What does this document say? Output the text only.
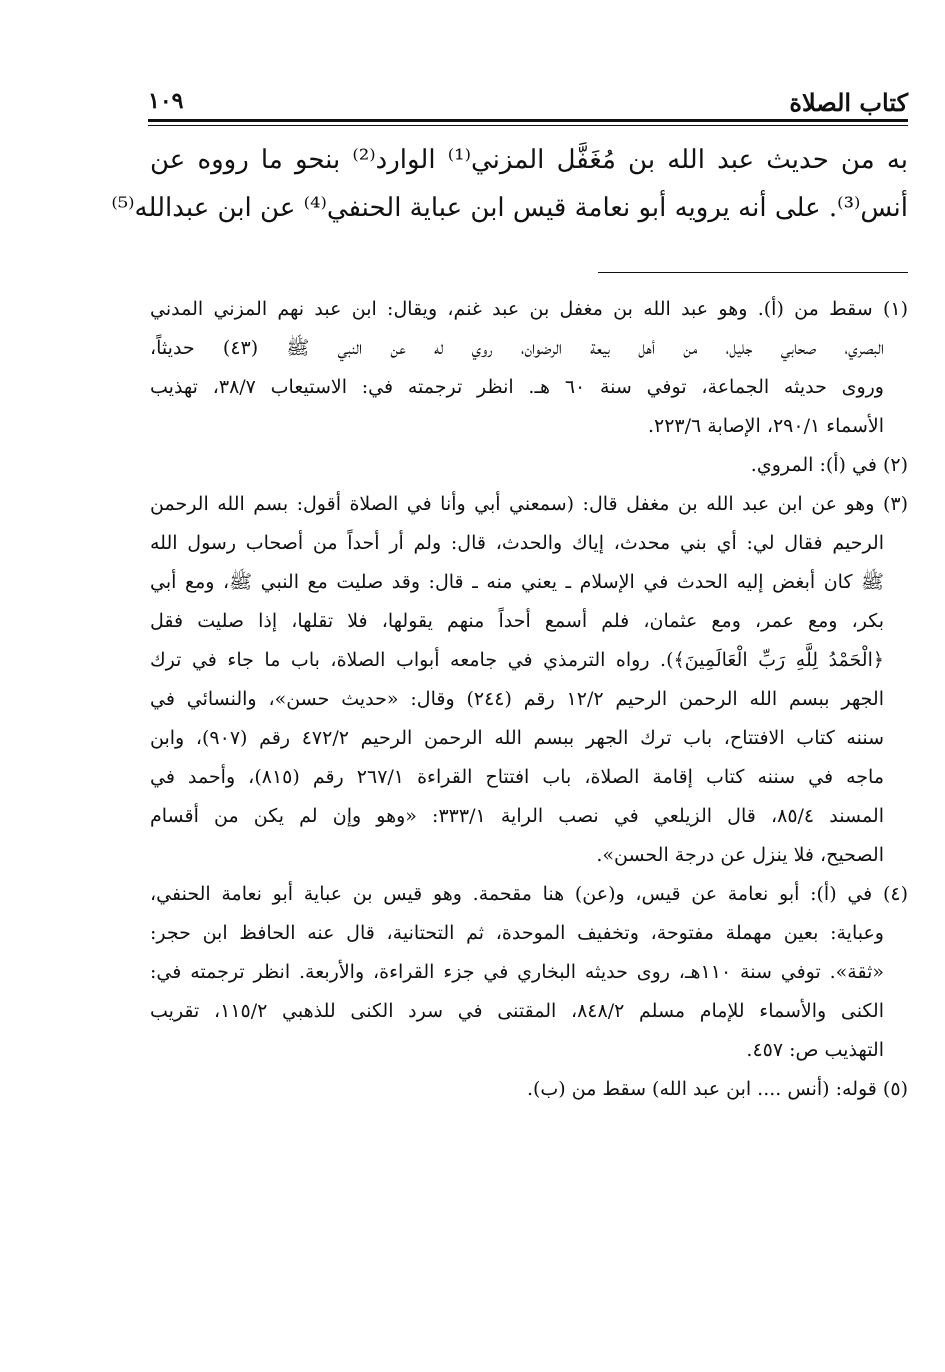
كتاب الصلاة
١٠٩
به من حديث عبد الله بن مُغَفَّل المزني⁽¹⁾ الوارد⁽²⁾ بنحو ما رووه عن
أنس⁽³⁾. على أنه يرويه أبو نعامة قيس ابن عباية الحنفي⁽⁴⁾ عن ابن عبدالله⁽⁵⁾
(١) سقط من (أ). وهو عبد الله بن مغفل بن عبد غنم، ويقال: ابن عبد نهم المزني المدني
البصري، صحابي جليل، من أهل بيعة الرضوان، روي له عن النبي ﷺ (٤٣) حديثاً،
وروى حديثه الجماعة، توفي سنة ٦٠ هـ. انظر ترجمته في: الاستيعاب ٣٨/٧، تهذيب
الأسماء ٢٩٠/١، الإصابة ٢٢٣/٦.
(٢) في (أ): المروي.
(٣) وهو عن ابن عبد الله بن مغفل قال: (سمعني أبي وأنا في الصلاة أقول: بسم الله الرحمن
الرحيم فقال لي: أي بني محدث، إياك والحدث، قال: ولم أر أحداً من أصحاب رسول الله
ﷺ كان أبغض إليه الحدث في الإسلام ـ يعني منه ـ قال: وقد صليت مع النبي ﷺ، ومع أبي
بكر، ومع عمر، ومع عثمان، فلم أسمع أحداً منهم يقولها، فلا تقلها، إذا صليت فقل
﴿الْحَمْدُ لِلَّهِ رَبِّ الْعَالَمِينَ﴾). رواه الترمذي في جامعه أبواب الصلاة، باب ما جاء في ترك
الجهر ببسم الله الرحمن الرحيم ١٢/٢ رقم (٢٤٤) وقال: «حديث حسن»، والنسائي في
سننه كتاب الافتتاح، باب ترك الجهر ببسم الله الرحمن الرحيم ٤٧٢/٢ رقم (٩٠٧)، وابن
ماجه في سننه كتاب إقامة الصلاة، باب افتتاح القراءة ٢٦٧/١ رقم (٨١٥)، وأحمد في
المسند ٨٥/٤، قال الزيلعي في نصب الراية ٣٣٣/١: «وهو وإن لم يكن من أقسام
الصحيح، فلا ينزل عن درجة الحسن».
(٤) في (أ): أبو نعامة عن قيس، و(عن) هنا مقحمة. وهو قيس بن عباية أبو نعامة الحنفي،
وعباية: بعين مهملة مفتوحة، وتخفيف الموحدة، ثم التحتانية، قال عنه الحافظ ابن حجر:
«ثقة». توفي سنة ١١٠هـ، روى حديثه البخاري في جزء القراءة، والأربعة. انظر ترجمته في:
الكنى والأسماء للإمام مسلم ٨٤٨/٢، المقتنى في سرد الكنى للذهبي ١١٥/٢، تقريب
التهذيب ص: ٤٥٧.
(٥) قوله: (أنس .... ابن عبد الله) سقط من (ب).
